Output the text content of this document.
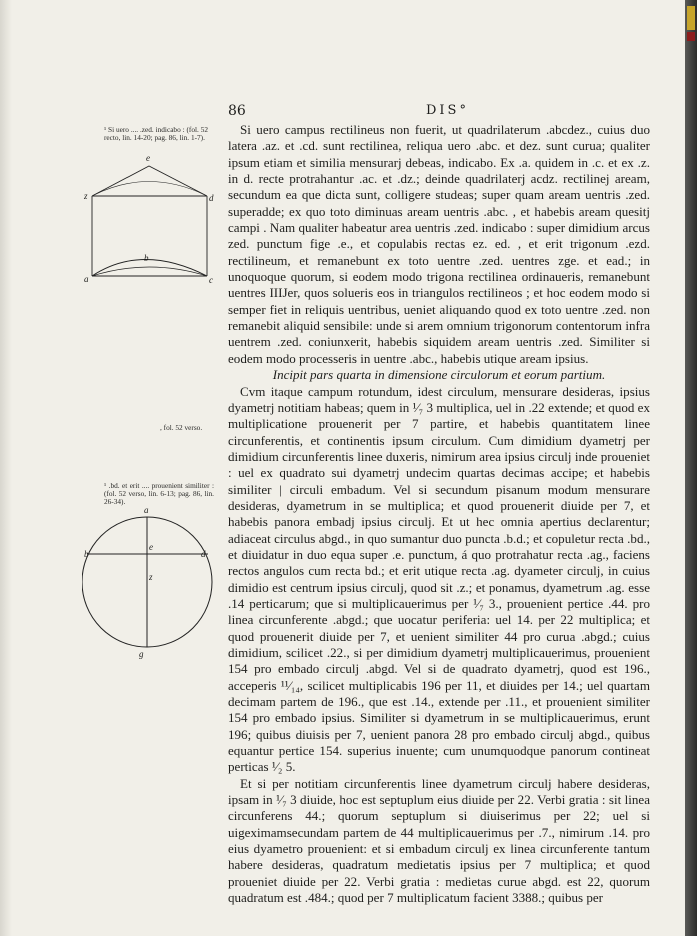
86	DIS°
¹ Si uero .... .zed. indicabo : (fol. 52 recto, lin. 14-20; pag. 86, lin. 1-7).
, fol. 52 verso.
¹ .bd. et erit .... prouenient similiter : (fol. 52 verso, lin. 6-13; pag. 86, lin. 26-34).
e
z	d
b
a	c
a
b
e
d
z
g

Si uero campus rectilineus non fuerit, ut quadrilaterum .abcdez., cuius duo latera .az. et .cd. sunt rectilinea, reliqua uero .abc. et dez. sunt curua; qualiter ipsum etiam et similia mensurarj debeas, indicabo. Ex .a. quidem in .c. et ex .z. in d. recte protrahantur .ac. et .dz.; deinde quadrilaterj acdz. rectilinej aream, secundum ea que dicta sunt, colligere studeas; super quam aream uentris .zed. superadde; ex quo toto diminuas aream uentris .abc. , et habebis aream quesitj campi . Nam qualiter habeatur area uentris .zed. indicabo : super dimidium arcus zed. punctum fige .e., et copulabis rectas ez. ed. , et erit trigonum .ezd. rectilineum, et remanebunt ex toto uentre .zed. uentres zge. et ead.; in unoquoque quorum, si eodem modo trigona rectilinea ordinaueris, remanebunt uentres IIIJer, quos solueris eos in triangulos rectilineos ; et hoc eodem modo si semper fiet in reliquis uentribus, ueniet aliquando quod ex toto uentre .zed. non remanebit aliquid sensibile: unde si arem omnium trigonorum contentorum infra uentrem .zed. coniunxerit, habebis siquidem aream uentris .zed. Similiter si eodem modo processeris in uentre .abc., habebis utique aream ipsius.

Incipit pars quarta in dimensione circulorum et eorum partium.

Cvm itaque campum rotundum, idest circulum, mensurare desideras, ipsius dyametrj notitiam habeas; quem in ¹⁄₇ 3 multiplica, uel in .22 extende; et quod ex multiplicatione prouenerit per 7 partire, et habebis quantitatem linee circunferentis, et continentis ipsum circulum. Cum dimidium dyametrj per dimidium circunferentis linee duxeris, nimirum area ipsius circulj inde proueniet : uel ex quadrato sui dyametrj undecim quartas decimas accipe; et habebis similiter | circuli embadum. Vel si secundum pisanum modum mensurare desideras, dyametrum in se multiplica; et quod prouenerit diuide per 7, et habebis panora embadj ipsius circulj. Et ut hec omnia apertius declarentur; adiaceat circulus abgd., in quo sumantur duo puncta .b.d.; et copuletur recta .bd., et diuidatur in duo equa super .e. punctum, á quo protrahatur recta .ag., faciens rectos angulos cum recta bd.; et erit utique recta .ag. dyameter circulj, in cuius dimidio est centrum ipsius circulj, quod sit .z.; et ponamus, dyametrum .ag. esse .14 perticarum; que si multiplicauerimus per ¹⁄₇ 3., prouenient pertice .44. pro linea circunferente .abgd.; que uocatur periferia: uel 14. per 22 multiplica; et quod prouenerit diuide per 7, et uenient similiter 44 pro curua .abgd.; cuius dimidium, scilicet .22., si per dimidium dyametrj multiplicauerimus, prouenient 154 pro embado circulj .abgd. Vel si de quadrato dyametrj, quod est 196., acceperis ¹¹⁄₁₄, scilicet multiplicabis 196 per 11, et diuides per 14.; uel quartam decimam partem de 196., que est .14., extende per .11., et prouenient similiter 154 pro embado ipsius. Similiter si dyametrum in se multiplicauerimus, erunt 196; quibus diuisis per 7, uenient panora 28 pro embado circulj abgd., quibus equantur pertice 154. superius inuente; cum unumquodque panorum contineat perticas ¹⁄₂ 5.

Et si per notitiam circunferentis linee dyametrum circulj habere desideras, ipsam in ¹⁄₇ 3 diuide, hoc est septuplum eius diuide per 22. Verbi gratia : sit linea circunferens 44.; quorum septuplum si diuiserimus per 22; uel si uigeximamsecundam partem de 44 multiplicauerimus per .7., nimirum .14. pro eius dyametro prouenient: et si embadum circulj ex linea circunferente tantum habere desideras, quadratum medietatis ipsius per 7 multiplica; et quod proueniet diuide per 22. Verbi gratia : medietas curue abgd. est 22, quorum quadratum est .484.; quod per 7 multiplicatum facient 3388.; quibus per
